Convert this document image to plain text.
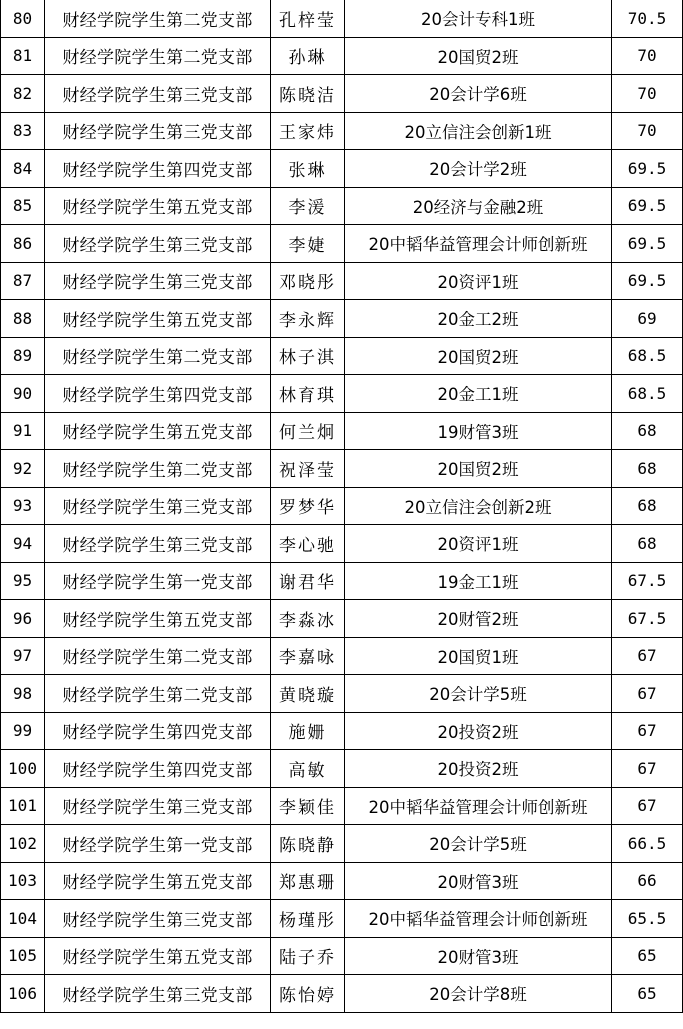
80	财经学院学生第二党支部	孔梓莹	20会计专科1班	70.5
81	财经学院学生第二党支部	孙琳	20国贸2班	70
82	财经学院学生第三党支部	陈晓洁	20会计学6班	70
83	财经学院学生第三党支部	王家炜	20立信注会创新1班	70
84	财经学院学生第四党支部	张琳	20会计学2班	69.5
85	财经学院学生第五党支部	李湲	20经济与金融2班	69.5
86	财经学院学生第三党支部	李婕	20中韬华益管理会计师创新班	69.5
87	财经学院学生第三党支部	邓晓彤	20资评1班	69.5
88	财经学院学生第五党支部	李永辉	20金工2班	69
89	财经学院学生第二党支部	林子淇	20国贸2班	68.5
90	财经学院学生第四党支部	林育琪	20金工1班	68.5
91	财经学院学生第五党支部	何兰炯	19财管3班	68
92	财经学院学生第二党支部	祝泽莹	20国贸2班	68
93	财经学院学生第三党支部	罗梦华	20立信注会创新2班	68
94	财经学院学生第三党支部	李心驰	20资评1班	68
95	财经学院学生第一党支部	谢君华	19金工1班	67.5
96	财经学院学生第五党支部	李淼冰	20财管2班	67.5
97	财经学院学生第二党支部	李嘉咏	20国贸1班	67
98	财经学院学生第二党支部	黄晓璇	20会计学5班	67
99	财经学院学生第四党支部	施姗	20投资2班	67
100	财经学院学生第四党支部	高敏	20投资2班	67
101	财经学院学生第三党支部	李颖佳	20中韬华益管理会计师创新班	67
102	财经学院学生第一党支部	陈晓静	20会计学5班	66.5
103	财经学院学生第五党支部	郑惠珊	20财管3班	66
104	财经学院学生第三党支部	杨瑾彤	20中韬华益管理会计师创新班	65.5
105	财经学院学生第五党支部	陆子乔	20财管3班	65
106	财经学院学生第三党支部	陈怡婷	20会计学8班	65
